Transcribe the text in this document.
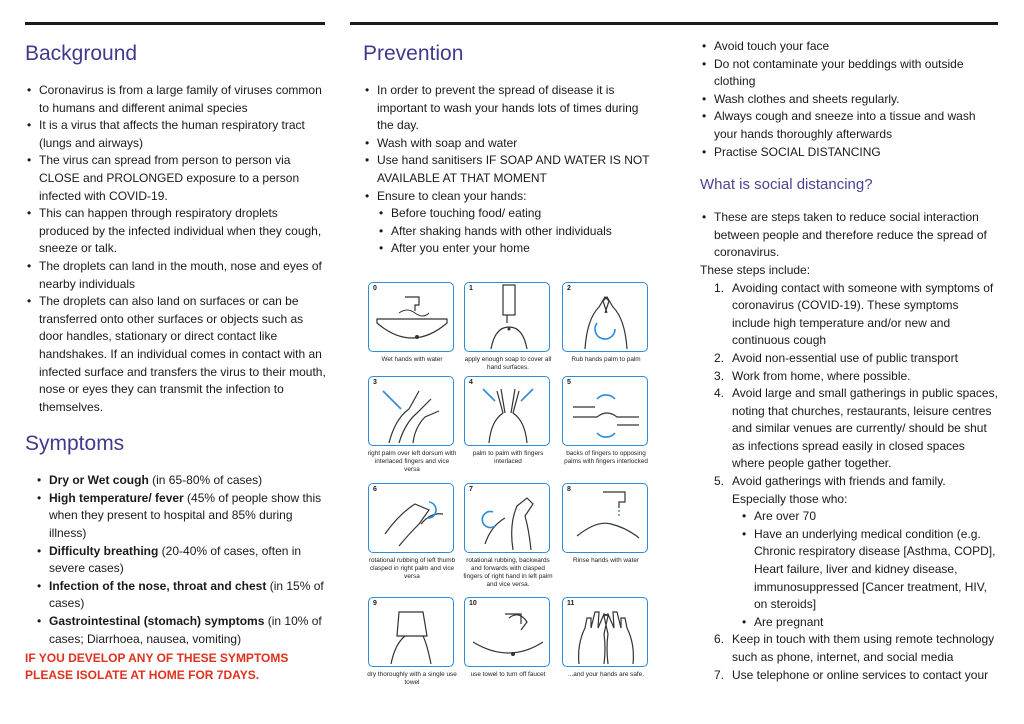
Background
• Coronavirus is from a large family of viruses common to humans and different animal species
• It is a virus that affects the human respiratory tract (lungs and airways)
• The virus can spread from person to person via CLOSE and PROLONGED exposure to a person infected with COVID-19.
• This can happen through respiratory droplets produced by the infected individual when they cough, sneeze or talk.
• The droplets can land in the mouth, nose and eyes of nearby individuals
• The droplets can also land on surfaces or can be transferred onto other surfaces or objects such as door handles, stationary or direct contact like handshakes. If an individual comes in contact with an infected surface and transfers the virus to their mouth, nose or eyes they can transmit the infection to themselves.
Symptoms
• Dry or Wet cough (in 65-80% of cases)
• High temperature/ fever (45% of people show this when they present to hospital and 85% during illness)
• Difficulty breathing (20-40% of cases, often in severe cases)
• Infection of the nose, throat and chest (in 15% of cases)
• Gastrointestinal (stomach) symptoms (in 10% of cases; Diarrhoea, nausea, vomiting)
IF YOU DEVELOP ANY OF THESE SYMPTOMS
PLEASE ISOLATE AT HOME FOR 7DAYS.
Prevention
• In order to prevent the spread of disease it is important to wash your hands lots of times during the day.
• Wash with soap and water
• Use hand sanitisers IF SOAP AND WATER IS NOT AVAILABLE AT THAT MOMENT
• Ensure to clean your hands:
• Before touching food/ eating
• After shaking hands with other individuals
• After you enter your home
0
Wet hands with water
1
apply enough soap to cover all hand surfaces.
2
Rub hands palm to palm
3
right palm over left dorsum with interlaced fingers and vice versa
4
palm to palm with fingers interlaced
5
backs of fingers to opposing palms with fingers interlocked
6
rotational rubbing of left thumb clasped in right palm and vice versa
7
rotational rubbing, backwards and forwards with clasped fingers of right hand in left palm and vice versa.
8
Rinse hands with water
9
dry thoroughly with a single use towel
10
use towel to turn off faucet
11
...and your hands are safe.
• Avoid touch your face
• Do not contaminate your beddings with outside clothing
• Wash clothes and sheets regularly.
• Always cough and sneeze into a tissue and wash your hands thoroughly afterwards
• Practise SOCIAL DISTANCING
What is social distancing?
• These are steps taken to reduce social interaction between people and therefore reduce the spread of coronavirus.
These steps include:
1. Avoiding contact with someone with symptoms of coronavirus (COVID-19). These symptoms include high temperature and/or new and continuous cough
2. Avoid non-essential use of public transport
3. Work from home, where possible.
4. Avoid large and small gatherings in public spaces, noting that churches, restaurants, leisure centres and similar venues are currently/ should be shut as infections spread easily in closed spaces where people gather together.
5. Avoid gatherings with friends and family.
Especially those who:
• Are over 70
• Have an underlying medical condition (e.g. Chronic respiratory disease [Asthma, COPD], Heart failure, liver and kidney disease, immunosuppressed [Cancer treatment, HIV, on steroids]
• Are pregnant
6. Keep in touch with them using remote technology such as phone, internet, and social media
7. Use telephone or online services to contact your
